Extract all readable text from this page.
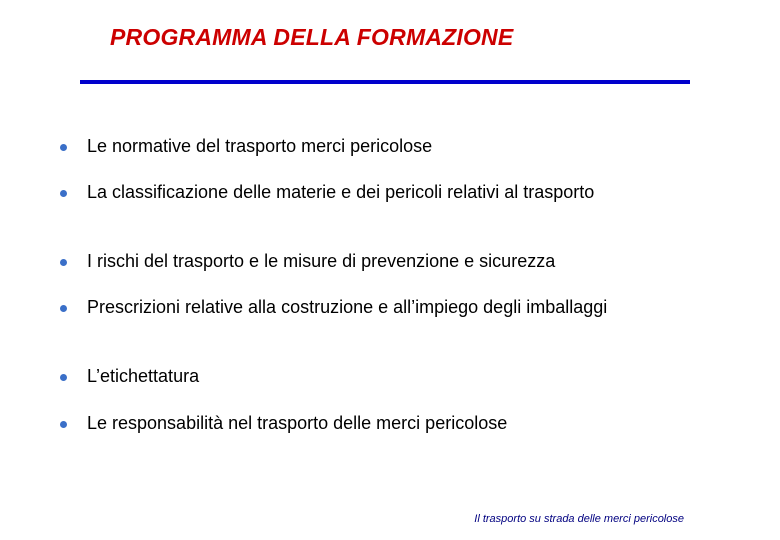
PROGRAMMA DELLA FORMAZIONE
Le normative del trasporto merci pericolose
La classificazione delle materie e dei pericoli relativi al trasporto
I rischi del trasporto e le misure di prevenzione e sicurezza
Prescrizioni relative alla costruzione e all’impiego degli imballaggi
L’etichettatura
Le responsabilità nel trasporto delle merci pericolose
Il trasporto su strada delle merci pericolose
